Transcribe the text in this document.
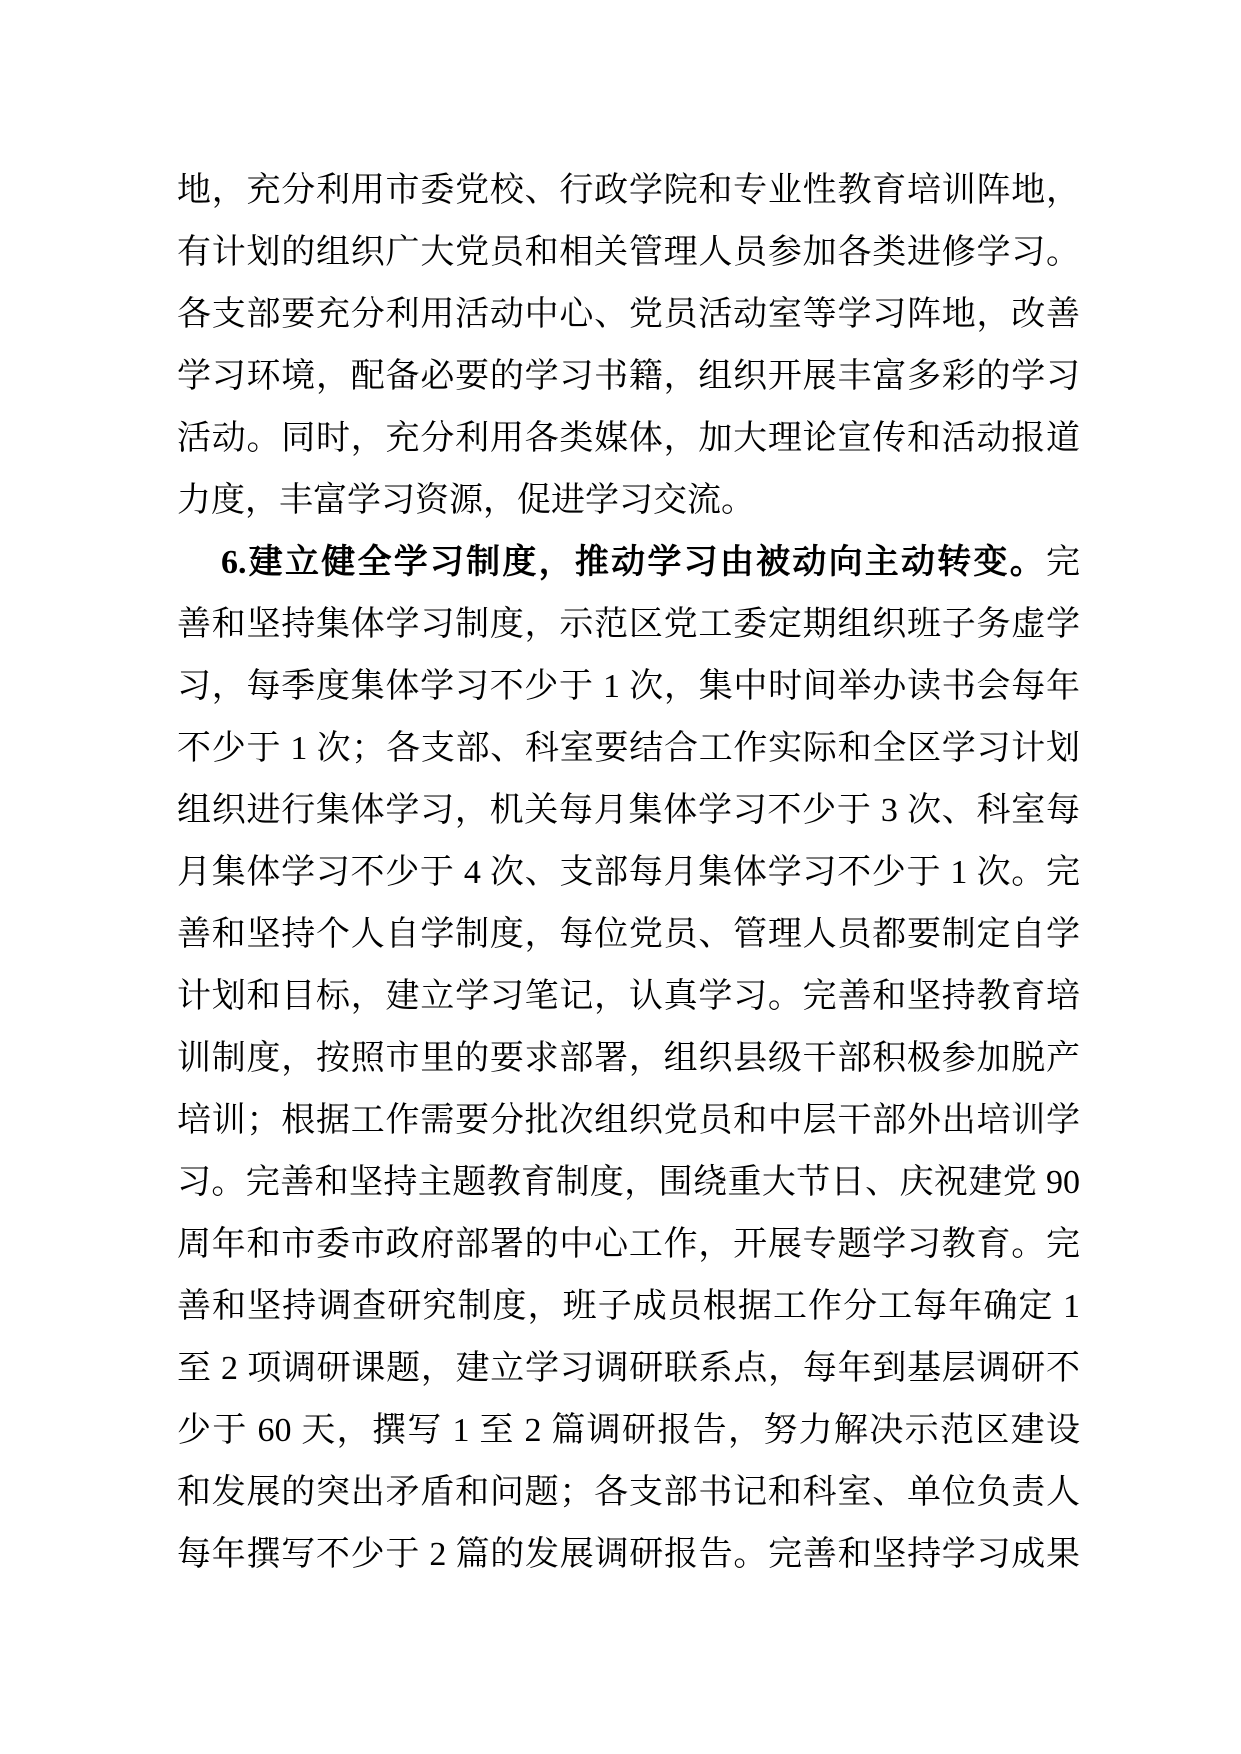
地，充分利用市委党校、行政学院和专业性教育培训阵地，
有计划的组织广大党员和相关管理人员参加各类进修学习。
各支部要充分利用活动中心、党员活动室等学习阵地，改善
学习环境，配备必要的学习书籍，组织开展丰富多彩的学习
活动。同时，充分利用各类媒体，加大理论宣传和活动报道
力度，丰富学习资源，促进学习交流。
6.建立健全学习制度，推动学习由被动向主动转变。完
善和坚持集体学习制度，示范区党工委定期组织班子务虚学
习，每季度集体学习不少于 1 次，集中时间举办读书会每年
不少于 1 次；各支部、科室要结合工作实际和全区学习计划
组织进行集体学习，机关每月集体学习不少于 3 次、科室每
月集体学习不少于 4 次、支部每月集体学习不少于 1 次。完
善和坚持个人自学制度，每位党员、管理人员都要制定自学
计划和目标，建立学习笔记，认真学习。完善和坚持教育培
训制度，按照市里的要求部署，组织县级干部积极参加脱产
培训；根据工作需要分批次组织党员和中层干部外出培训学
习。完善和坚持主题教育制度，围绕重大节日、庆祝建党 90
周年和市委市政府部署的中心工作，开展专题学习教育。完
善和坚持调查研究制度，班子成员根据工作分工每年确定 1
至 2 项调研课题，建立学习调研联系点，每年到基层调研不
少于 60 天，撰写 1 至 2 篇调研报告，努力解决示范区建设
和发展的突出矛盾和问题；各支部书记和科室、单位负责人
每年撰写不少于 2 篇的发展调研报告。完善和坚持学习成果
